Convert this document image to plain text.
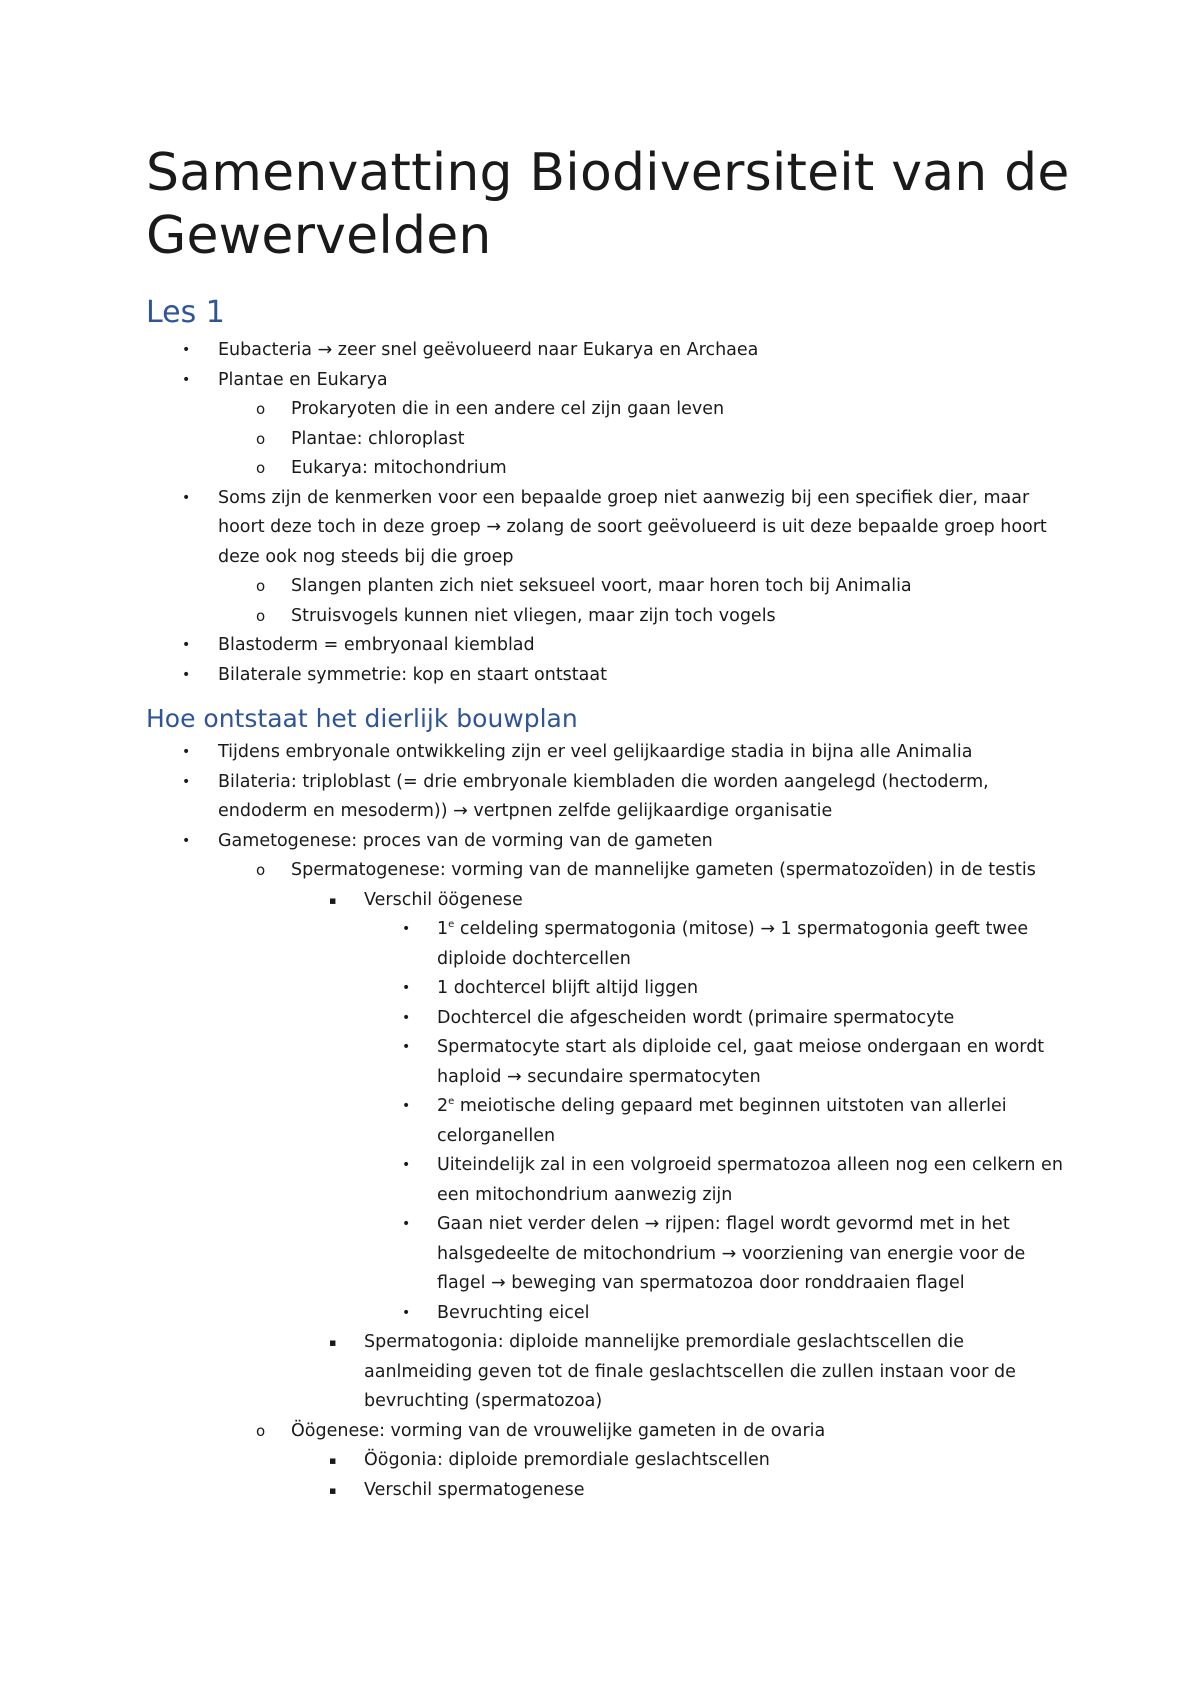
Samenvatting Biodiversiteit van de Gewervelden
Les 1
• Eubacteria → zeer snel geëvolueerd naar Eukarya en Archaea
• Plantae en Eukarya
o Prokaryoten die in een andere cel zijn gaan leven
o Plantae: chloroplast
o Eukarya: mitochondrium
• Soms zijn de kenmerken voor een bepaalde groep niet aanwezig bij een specifiek dier, maar hoort deze toch in deze groep → zolang de soort geëvolueerd is uit deze bepaalde groep hoort deze ook nog steeds bij die groep
o Slangen planten zich niet seksueel voort, maar horen toch bij Animalia
o Struisvogels kunnen niet vliegen, maar zijn toch vogels
• Blastoderm = embryonaal kiemblad
• Bilaterale symmetrie: kop en staart ontstaat
Hoe ontstaat het dierlijk bouwplan
• Tijdens embryonale ontwikkeling zijn er veel gelijkaardige stadia in bijna alle Animalia
• Bilateria: triploblast (= drie embryonale kiembladen die worden aangelegd (hectoderm, endoderm en mesoderm)) → vertpnen zelfde gelijkaardige organisatie
• Gametogenese: proces van de vorming van de gameten
o Spermatogenese: vorming van de mannelijke gameten (spermatozoïden) in de testis
▪ Verschil öögenese
• 1e celdeling spermatogonia (mitose) → 1 spermatogonia geeft twee diploide dochtercellen
• 1 dochtercel blijft altijd liggen
• Dochtercel die afgescheiden wordt (primaire spermatocyte
• Spermatocyte start als diploide cel, gaat meiose ondergaan en wordt haploid → secundaire spermatocyten
• 2e meiotische deling gepaard met beginnen uitstoten van allerlei celorganellen
• Uiteindelijk zal in een volgroeid spermatozoa alleen nog een celkern en een mitochondrium aanwezig zijn
• Gaan niet verder delen → rijpen: flagel wordt gevormd met in het halsgedeelte de mitochondrium → voorziening van energie voor de flagel → beweging van spermatozoa door ronddraaien flagel
• Bevruchting eicel
▪ Spermatogonia: diploide mannelijke premordiale geslachtscellen die aanlmeiding geven tot de finale geslachtscellen die zullen instaan voor de bevruchting (spermatozoa)
o Öögenese: vorming van de vrouwelijke gameten in de ovaria
▪ Öögonia: diploide premordiale geslachtscellen
▪ Verschil spermatogenese
